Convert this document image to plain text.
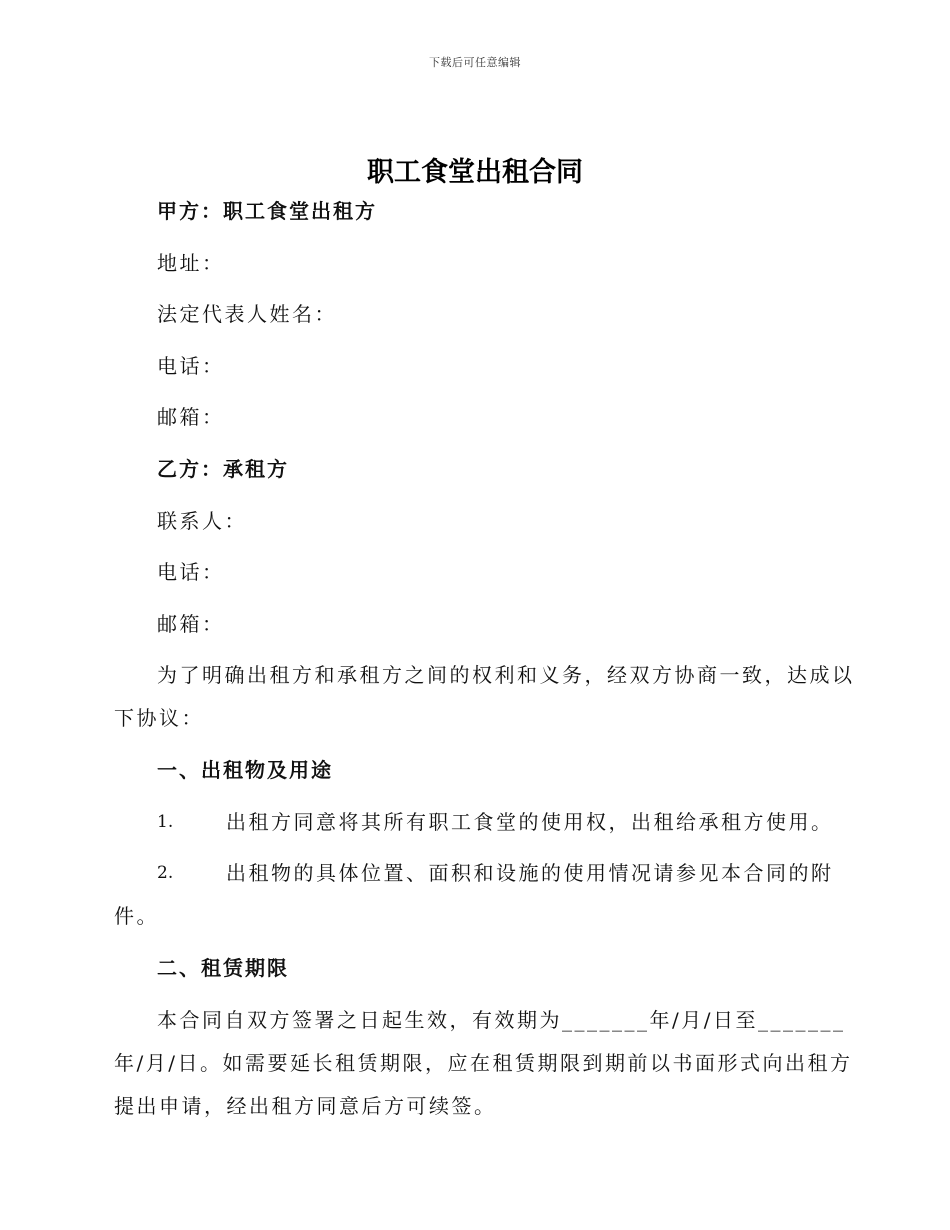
下载后可任意编辑
职工食堂出租合同
甲方：职工食堂出租方
地址：
法定代表人姓名：
电话：
邮箱：
乙方：承租方
联系人：
电话：
邮箱：
为了明确出租方和承租方之间的权利和义务，经双方协商一致，达成以
下协议：
一、出租物及用途
1.	出租方同意将其所有职工食堂的使用权，出租给承租方使用。
2.	出租物的具体位置、面积和设施的使用情况请参见本合同的附
件。
二、租赁期限
本合同自双方签署之日起生效，有效期为_______年/月/日至_______
年/月/日。如需要延长租赁期限，应在租赁期限到期前以书面形式向出租方
提出申请，经出租方同意后方可续签。
